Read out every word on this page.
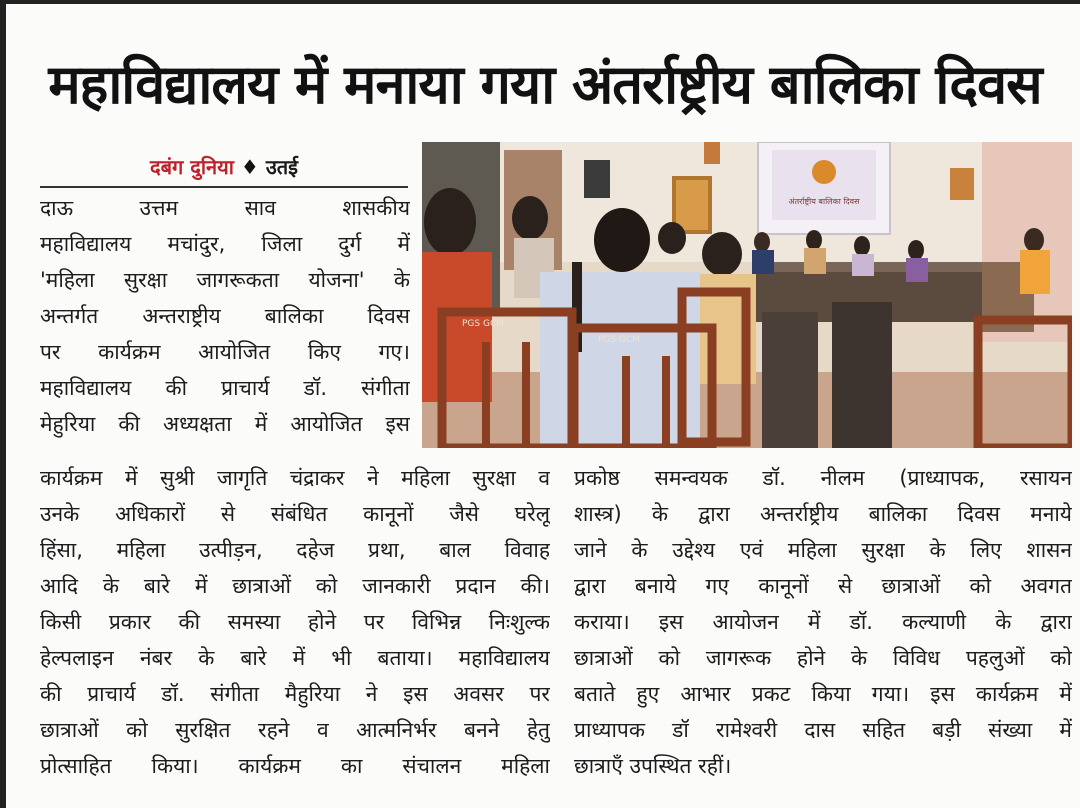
महाविद्यालय में मनाया गया अंतर्राष्ट्रीय बालिका दिवस
दबंग दुनिया ♦ उतई
अंतर्राष्ट्रीय बालिका दिवस
PGS GCM
PGS GCM

दाऊ उत्तम साव शासकीय

महाविद्यालय मचांदुर, जिला दुर्ग में

'महिला सुरक्षा जागरूकता योजना' के

अन्तर्गत अन्तराष्ट्रीय बालिका दिवस

पर कार्यक्रम आयोजित किए गए।

महाविद्यालय की प्राचार्य डॉ. संगीता

मेहुरिया की अध्यक्षता में आयोजित इस

कार्यक्रम में सुश्री जागृति चंद्राकर ने महिला सुरक्षा व

उनके अधिकारों से संबंधित कानूनों जैसे घरेलू

हिंसा, महिला उत्पीड़न, दहेज प्रथा, बाल विवाह

आदि के बारे में छात्राओं को जानकारी प्रदान की।

किसी प्रकार की समस्या होने पर विभिन्न निःशुल्क

हेल्पलाइन नंबर के बारे में भी बताया। महाविद्यालय

की प्राचार्य डॉ. संगीता मैहुरिया ने इस अवसर पर

छात्राओं को सुरक्षित रहने व आत्मनिर्भर बनने हेतु

प्रोत्साहित किया। कार्यक्रम का संचालन महिला

प्रकोष्ठ समन्वयक डॉ. नीलम (प्राध्यापक, रसायन

शास्त्र) के द्वारा अन्तर्राष्ट्रीय बालिका दिवस मनाये

जाने के उद्देश्य एवं महिला सुरक्षा के लिए शासन

द्वारा बनाये गए कानूनों से छात्राओं को अवगत

कराया। इस आयोजन में डॉ. कल्याणी के द्वारा

छात्राओं को जागरूक होने के विविध पहलुओं को

बताते हुए आभार प्रकट किया गया। इस कार्यक्रम में

प्राध्यापक डॉ रामेश्वरी दास सहित बड़ी संख्या में

छात्राएँ उपस्थित रहीं।
